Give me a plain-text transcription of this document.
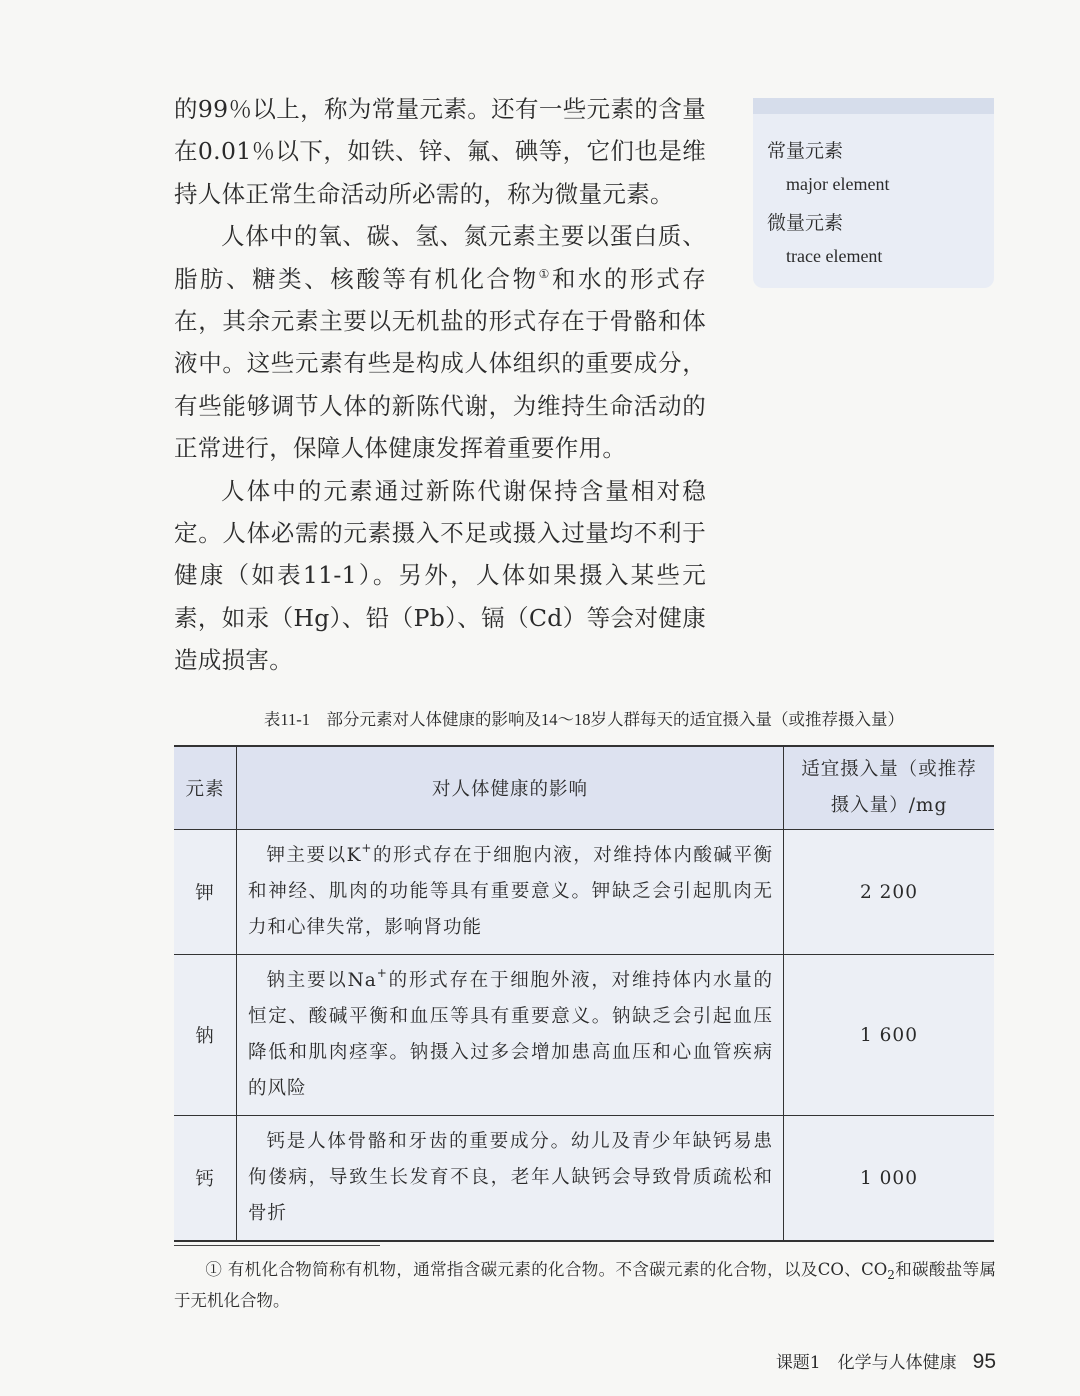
的99％以上，称为常量元素。还有一些元素的含量在0.01％以下，如铁、锌、氟、碘等，它们也是维持人体正常生命活动所必需的，称为微量元素。

人体中的氧、碳、氢、氮元素主要以蛋白质、脂肪、糖类、核酸等有机化合物①和水的形式存在，其余元素主要以无机盐的形式存在于骨骼和体液中。这些元素有些是构成人体组织的重要成分，有些能够调节人体的新陈代谢，为维持生命活动的正常进行，保障人体健康发挥着重要作用。

人体中的元素通过新陈代谢保持含量相对稳定。人体必需的元素摄入不足或摄入过量均不利于健康（如表11-1）。另外，人体如果摄入某些元素，如汞（Hg）、铅（Pb）、镉（Cd）等会对健康造成损害。

常量元素
major element
微量元素
trace element
表11-1　部分元素对人体健康的影响及14～18岁人群每天的适宜摄入量（或推荐摄入量）
元素	对人体健康的影响	适宜摄入量（或推荐摄入量）/mg
钾	钾主要以K+的形式存在于细胞内液，对维持体内酸碱平衡和神经、肌肉的功能等具有重要意义。钾缺乏会引起肌肉无力和心律失常，影响肾功能	2 200
钠	钠主要以Na+的形式存在于细胞外液，对维持体内水量的恒定、酸碱平衡和血压等具有重要意义。钠缺乏会引起血压降低和肌肉痉挛。钠摄入过多会增加患高血压和心血管疾病的风险	1 600
钙	钙是人体骨骼和牙齿的重要成分。幼儿及青少年缺钙易患佝偻病，导致生长发育不良，老年人缺钙会导致骨质疏松和骨折	1 000
① 有机化合物简称有机物，通常指含碳元素的化合物。不含碳元素的化合物，以及CO、$CO_2$和碳酸盐等属于无机化合物。
课题1　化学与人体健康 95
